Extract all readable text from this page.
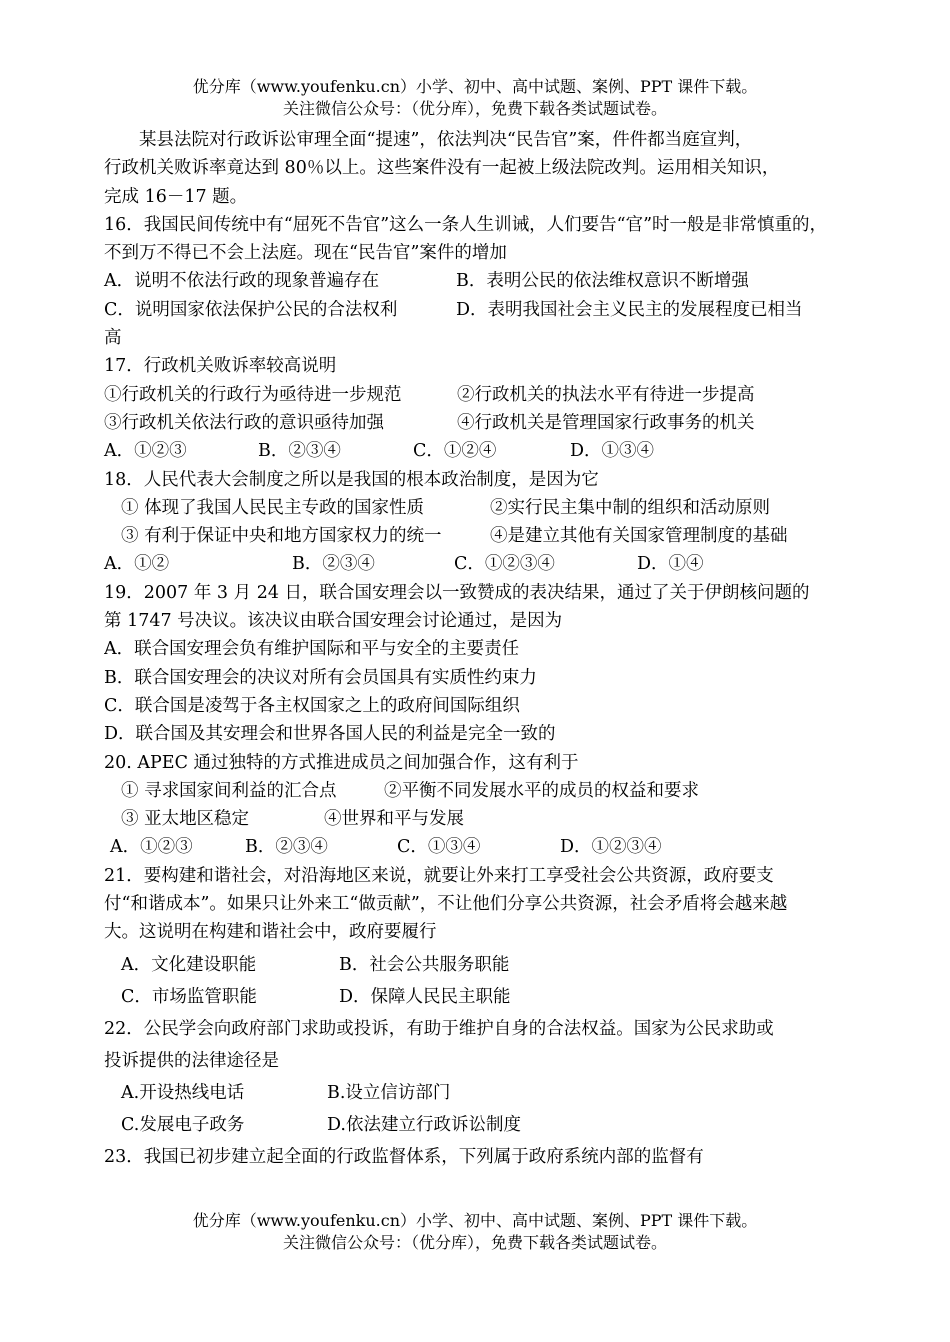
优分库（www.youfenku.cn）小学、初中、高中试题、案例、PPT 课件下载。
关注微信公众号：（优分库），免费下载各类试题试卷。
　　某县法院对行政诉讼审理全面“提速”，依法判决“民告官”案，件件都当庭宣判，
行政机关败诉率竟达到 80％以上。这些案件没有一起被上级法院改判。运用相关知识，
完成 16－17 题。
16．我国民间传统中有“屈死不告官”这么一条人生训诫，人们要告“官”时一般是非常慎重的，
不到万不得已不会上法庭。现在“民告官”案件的增加
A．说明不依法行政的现象普遍存在	B．表明公民的依法维权意识不断增强
C．说明国家依法保护公民的合法权利	D．表明我国社会主义民主的发展程度已相当
高
17．行政机关败诉率较高说明
①行政机关的行政行为亟待进一步规范	②行政机关的执法水平有待进一步提高
③行政机关依法行政的意识亟待加强	④行政机关是管理国家行政事务的机关
A．①②③	B．②③④	C．①②④	D．①③④
18．人民代表大会制度之所以是我国的根本政治制度，是因为它
① 体现了我国人民民主专政的国家性质	②实行民主集中制的组织和活动原则
③ 有利于保证中央和地方国家权力的统一	④是建立其他有关国家管理制度的基础
A．①②	B．②③④	C．①②③④	D．①④
19．2007 年 3 月 24 日，联合国安理会以一致赞成的表决结果，通过了关于伊朗核问题的
第 1747 号决议。该决议由联合国安理会讨论通过，是因为
A．联合国安理会负有维护国际和平与安全的主要责任
B．联合国安理会的决议对所有会员国具有实质性约束力
C．联合国是凌驾于各主权国家之上的政府间国际组织
D．联合国及其安理会和世界各国人民的利益是完全一致的
20. APEC 通过独特的方式推进成员之间加强合作，这有利于
① 寻求国家间利益的汇合点	②平衡不同发展水平的成员的权益和要求
③ 亚太地区稳定	④世界和平与发展
A．①②③	B．②③④	C．①③④	D．①②③④
21．要构建和谐社会，对沿海地区来说，就要让外来打工享受社会公共资源，政府要支
付“和谐成本”。如果只让外来工“做贡献”，不让他们分享公共资源，社会矛盾将会越来越
大。这说明在构建和谐社会中，政府要履行
A．文化建设职能	B．社会公共服务职能
C．市场监管职能	D．保障人民民主职能
22．公民学会向政府部门求助或投诉，有助于维护自身的合法权益。国家为公民求助或
投诉提供的法律途径是
A.开设热线电话	B.设立信访部门
C.发展电子政务	D.依法建立行政诉讼制度
23．我国已初步建立起全面的行政监督体系，下列属于政府系统内部的监督有
优分库（www.youfenku.cn）小学、初中、高中试题、案例、PPT 课件下载。
关注微信公众号：（优分库），免费下载各类试题试卷。
